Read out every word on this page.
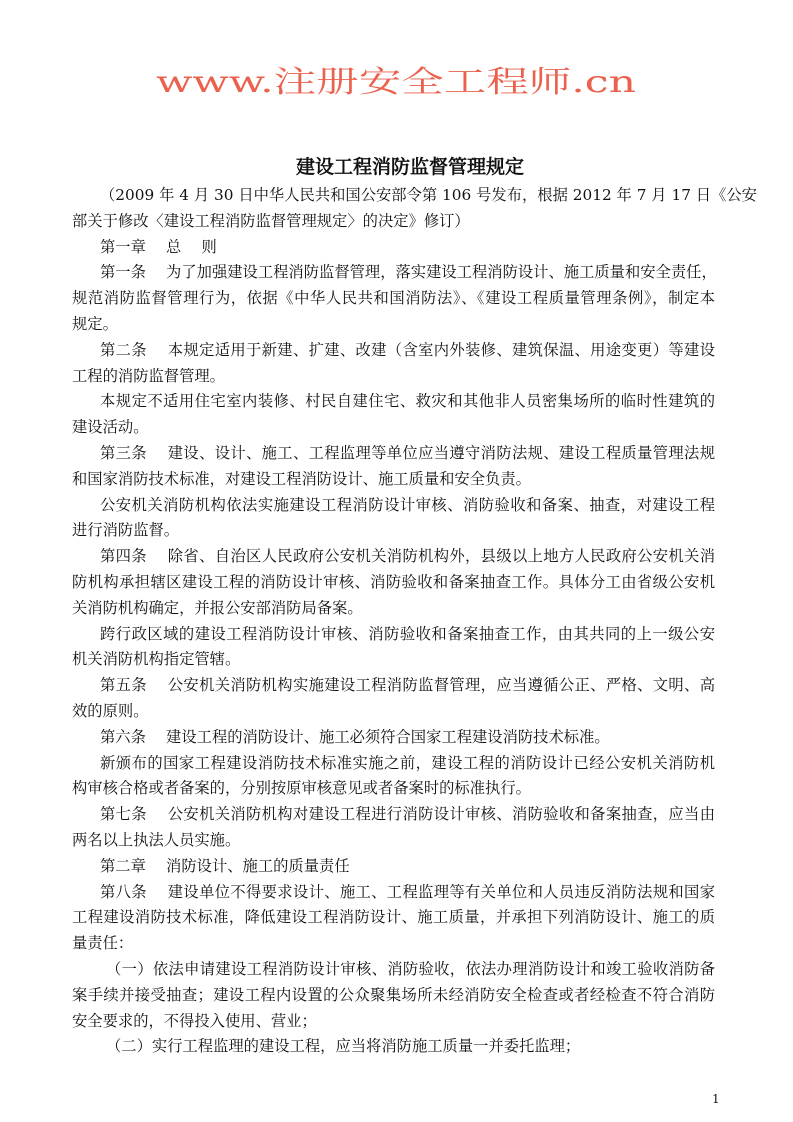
建设工程消防监督管理规定
（2009 年 4 月 30 日中华人民共和国公安部令第 106 号发布，根据 2012 年 7 月 17 日《公安
部关于修改〈建设工程消防监督管理规定〉的决定》修订）
第一章　 总　 则
第一条　 为了加强建设工程消防监督管理，落实建设工程消防设计、施工质量和安全责任，
规范消防监督管理行为，依据《中华人民共和国消防法》、《建设工程质量管理条例》，制定本
规定。
第二条　 本规定适用于新建、扩建、改建（含室内外装修、建筑保温、用途变更）等建设
工程的消防监督管理。
本规定不适用住宅室内装修、村民自建住宅、救灾和其他非人员密集场所的临时性建筑的
建设活动。
第三条　 建设、设计、施工、工程监理等单位应当遵守消防法规、建设工程质量管理法规
和国家消防技术标准，对建设工程消防设计、施工质量和安全负责。
公安机关消防机构依法实施建设工程消防设计审核、消防验收和备案、抽查，对建设工程
进行消防监督。
第四条　 除省、自治区人民政府公安机关消防机构外，县级以上地方人民政府公安机关消
防机构承担辖区建设工程的消防设计审核、消防验收和备案抽查工作。具体分工由省级公安机
关消防机构确定，并报公安部消防局备案。
跨行政区域的建设工程消防设计审核、消防验收和备案抽查工作，由其共同的上一级公安
机关消防机构指定管辖。
第五条　 公安机关消防机构实施建设工程消防监督管理，应当遵循公正、严格、文明、高
效的原则。
第六条　 建设工程的消防设计、施工必须符合国家工程建设消防技术标准。
新颁布的国家工程建设消防技术标准实施之前，建设工程的消防设计已经公安机关消防机
构审核合格或者备案的，分别按原审核意见或者备案时的标准执行。
第七条　 公安机关消防机构对建设工程进行消防设计审核、消防验收和备案抽查，应当由
两名以上执法人员实施。
第二章　 消防设计、施工的质量责任
第八条　 建设单位不得要求设计、施工、工程监理等有关单位和人员违反消防法规和国家
工程建设消防技术标准，降低建设工程消防设计、施工质量，并承担下列消防设计、施工的质
量责任：
（一）依法申请建设工程消防设计审核、消防验收，依法办理消防设计和竣工验收消防备
案手续并接受抽查；建设工程内设置的公众聚集场所未经消防安全检查或者经检查不符合消防
安全要求的，不得投入使用、营业；
（二）实行工程监理的建设工程，应当将消防施工质量一并委托监理；
1
www.注册安全工程师.cn
